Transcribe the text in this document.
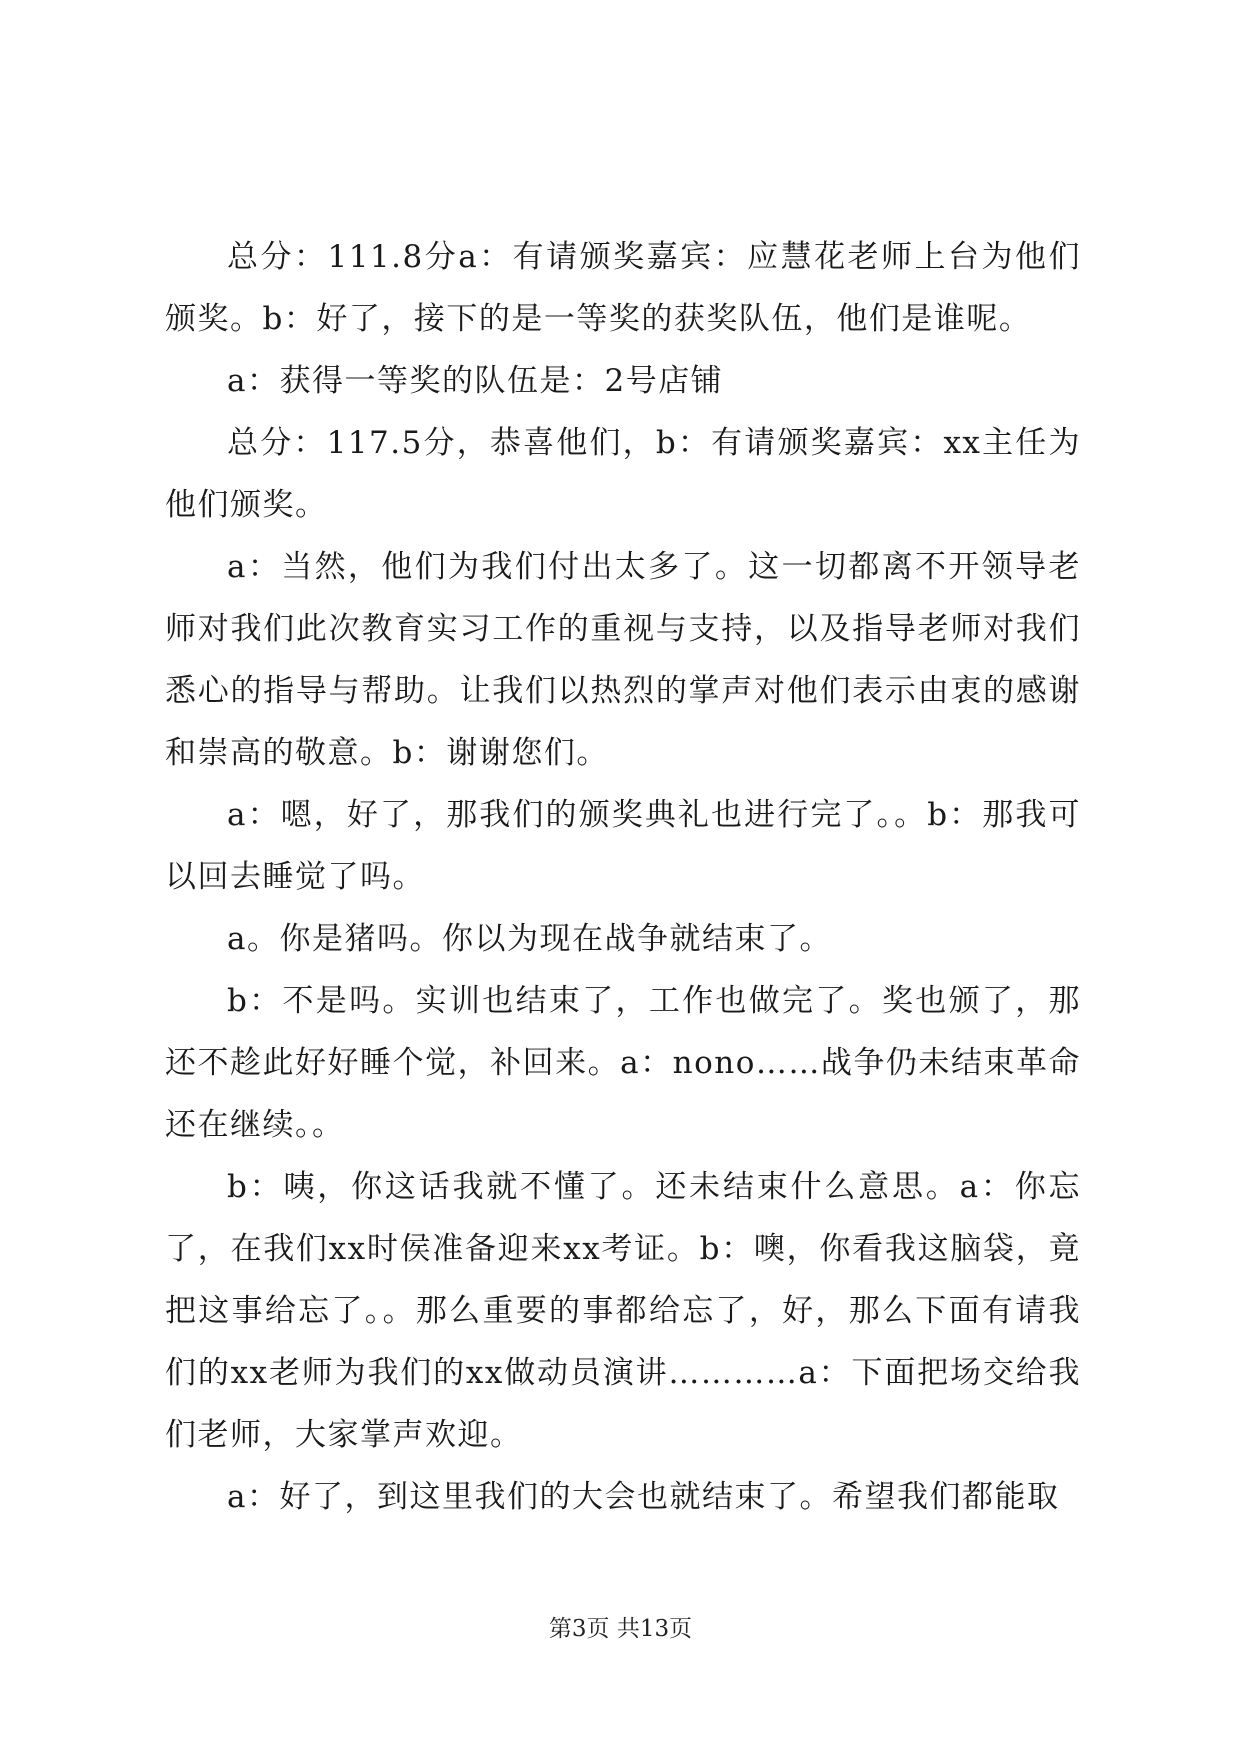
总分：111.8分a：有请颁奖嘉宾：应慧花老师上台为他们颁奖。b：好了，接下的是一等奖的获奖队伍，他们是谁呢。

a：获得一等奖的队伍是：2号店铺

总分：117.5分，恭喜他们，b：有请颁奖嘉宾：xx主任为他们颁奖。

a：当然，他们为我们付出太多了。这一切都离不开领导老师对我们此次教育实习工作的重视与支持，以及指导老师对我们悉心的指导与帮助。让我们以热烈的掌声对他们表示由衷的感谢和崇高的敬意。b：谢谢您们。

a：嗯，好了，那我们的颁奖典礼也进行完了。。b：那我可以回去睡觉了吗。

a。你是猪吗。你以为现在战争就结束了。

b：不是吗。实训也结束了，工作也做完了。奖也颁了，那还不趁此好好睡个觉，补回来。a：nono……战争仍未结束革命还在继续。。

b：咦，你这话我就不懂了。还未结束什么意思。a：你忘了，在我们xx时侯准备迎来xx考证。b：噢，你看我这脑袋，竟把这事给忘了。。那么重要的事都给忘了，好，那么下面有请我们的xx老师为我们的xx做动员演讲…………a：下面把场交给我们老师，大家掌声欢迎。

a：好了，到这里我们的大会也就结束了。希望我们都能取

第3页 共13页
